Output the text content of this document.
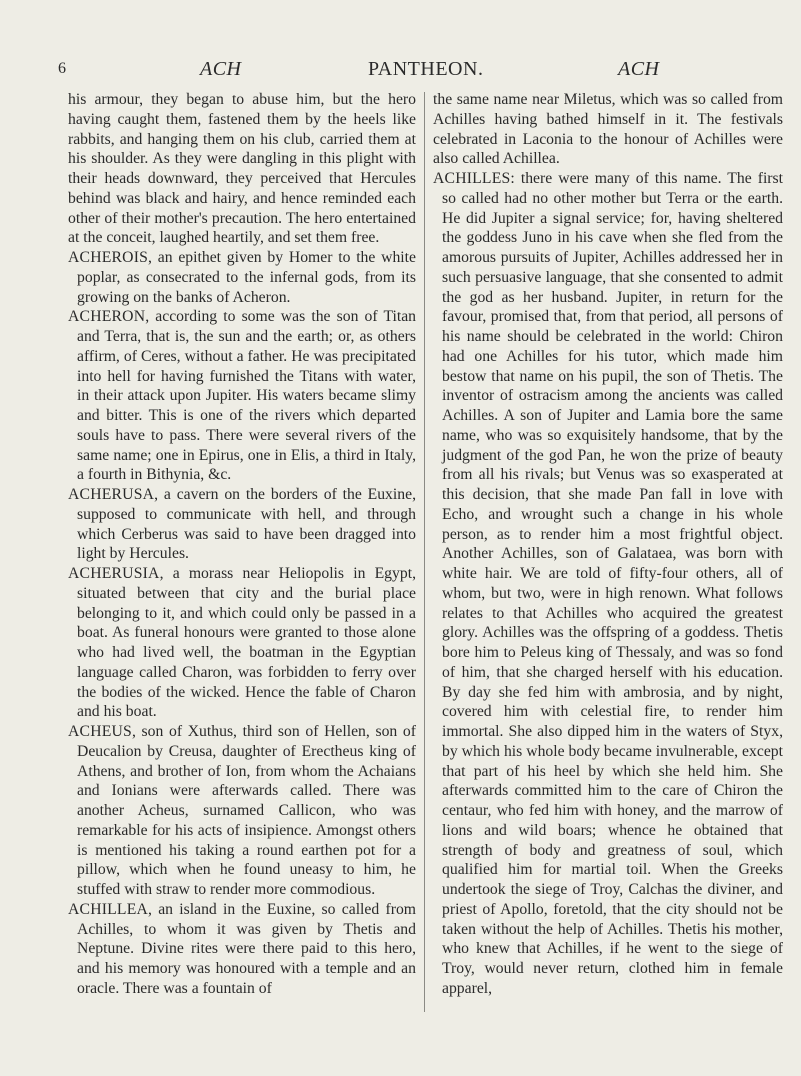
6	ACH	PANTHEON.	ACH

his armour, they began to abuse him, but the hero having caught them, fastened them by the heels like rabbits, and hanging them on his club, carried them at his shoulder. As they were dangling in this plight with their heads downward, they perceived that Hercules behind was black and hairy, and hence reminded each other of their mother's precaution. The hero entertained at the conceit, laughed heartily, and set them free.

ACHEROIS, an epithet given by Homer to the white poplar, as consecrated to the infernal gods, from its growing on the banks of Acheron.

ACHERON, according to some was the son of Titan and Terra, that is, the sun and the earth; or, as others affirm, of Ceres, without a father. He was precipitated into hell for having furnished the Titans with water, in their attack upon Jupiter. His waters became slimy and bitter. This is one of the rivers which departed souls have to pass. There were several rivers of the same name; one in Epirus, one in Elis, a third in Italy, a fourth in Bithynia, &c.

ACHERUSA, a cavern on the borders of the Euxine, supposed to communicate with hell, and through which Cerberus was said to have been dragged into light by Hercules.

ACHERUSIA, a morass near Heliopolis in Egypt, situated between that city and the burial place belonging to it, and which could only be passed in a boat. As funeral honours were granted to those alone who had lived well, the boatman in the Egyptian language called Charon, was forbidden to ferry over the bodies of the wicked. Hence the fable of Charon and his boat.

ACHEUS, son of Xuthus, third son of Hellen, son of Deucalion by Creusa, daughter of Erectheus king of Athens, and brother of Ion, from whom the Achaians and Ionians were afterwards called. There was another Acheus, surnamed Callicon, who was remarkable for his acts of insipience. Amongst others is mentioned his taking a round earthen pot for a pillow, which when he found uneasy to him, he stuffed with straw to render more commodious.

ACHILLEA, an island in the Euxine, so called from Achilles, to whom it was given by Thetis and Neptune. Divine rites were there paid to this hero, and his memory was honoured with a temple and an oracle. There was a fountain of

the same name near Miletus, which was so called from Achilles having bathed himself in it. The festivals celebrated in Laconia to the honour of Achilles were also called Achillea.

ACHILLES: there were many of this name. The first so called had no other mother but Terra or the earth. He did Jupiter a signal service; for, having sheltered the goddess Juno in his cave when she fled from the amorous pursuits of Jupiter, Achilles addressed her in such persuasive language, that she consented to admit the god as her husband. Jupiter, in return for the favour, promised that, from that period, all persons of his name should be celebrated in the world: Chiron had one Achilles for his tutor, which made him bestow that name on his pupil, the son of Thetis. The inventor of ostracism among the ancients was called Achilles. A son of Jupiter and Lamia bore the same name, who was so exquisitely handsome, that by the judgment of the god Pan, he won the prize of beauty from all his rivals; but Venus was so exasperated at this decision, that she made Pan fall in love with Echo, and wrought such a change in his whole person, as to render him a most frightful object. Another Achilles, son of Galataea, was born with white hair. We are told of fifty-four others, all of whom, but two, were in high renown. What follows relates to that Achilles who acquired the greatest glory. Achilles was the offspring of a goddess. Thetis bore him to Peleus king of Thessaly, and was so fond of him, that she charged herself with his education. By day she fed him with ambrosia, and by night, covered him with celestial fire, to render him immortal. She also dipped him in the waters of Styx, by which his whole body became invulnerable, except that part of his heel by which she held him. She afterwards committed him to the care of Chiron the centaur, who fed him with honey, and the marrow of lions and wild boars; whence he obtained that strength of body and greatness of soul, which qualified him for martial toil. When the Greeks undertook the siege of Troy, Calchas the diviner, and priest of Apollo, foretold, that the city should not be taken without the help of Achilles. Thetis his mother, who knew that Achilles, if he went to the siege of Troy, would never return, clothed him in female apparel,
